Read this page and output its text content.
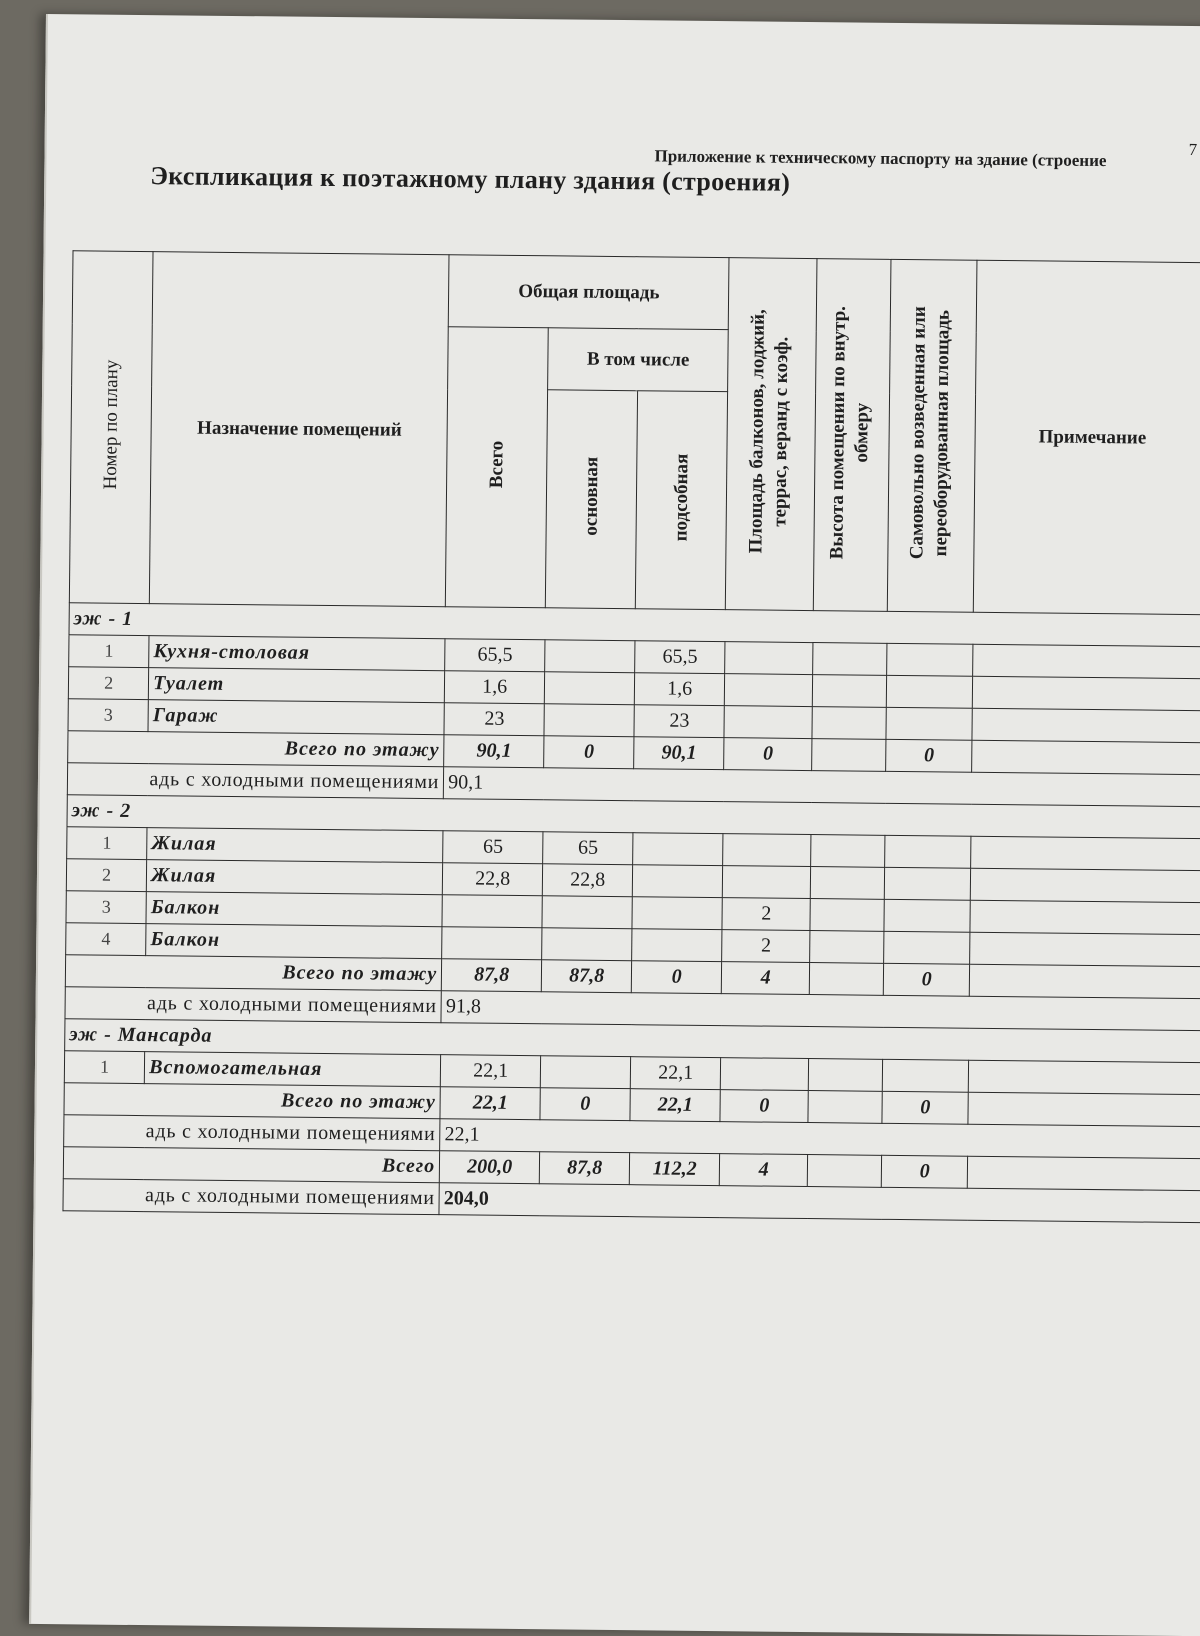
7
Приложение к техническому паспорту на здание (строение
Экспликация к поэтажному плану здания (строения)
Номер по плану	Назначение помещений	Общая площадь			Площадь балконов, лоджий, террас, веранд с коэф.	Высота помещении по внутр. обмеру	Самовольно возведенная или переоборудованная площадь	Примечание
		Всего	В том числе					
			основная	подсобная				
эж - 1								
1	Кухня-столовая	65,5		65,5				
2	Туалет	1,6		1,6				
3	Гараж	23		23				
Всего по этажу		90,1	0	90,1	0		0	
адь с холодными помещениями		90,1						
эж - 2								
1	Жилая	65	65					
2	Жилая	22,8	22,8					
3	Балкон				2			
4	Балкон				2			
Всего по этажу		87,8	87,8	0	4		0	
адь с холодными помещениями		91,8						
эж - Мансарда								
1	Вспомогательная	22,1		22,1				
Всего по этажу		22,1	0	22,1	0		0	
адь с холодными помещениями		22,1						
Всего		200,0	87,8	112,2	4		0	
адь с холодными помещениями		204,0						
